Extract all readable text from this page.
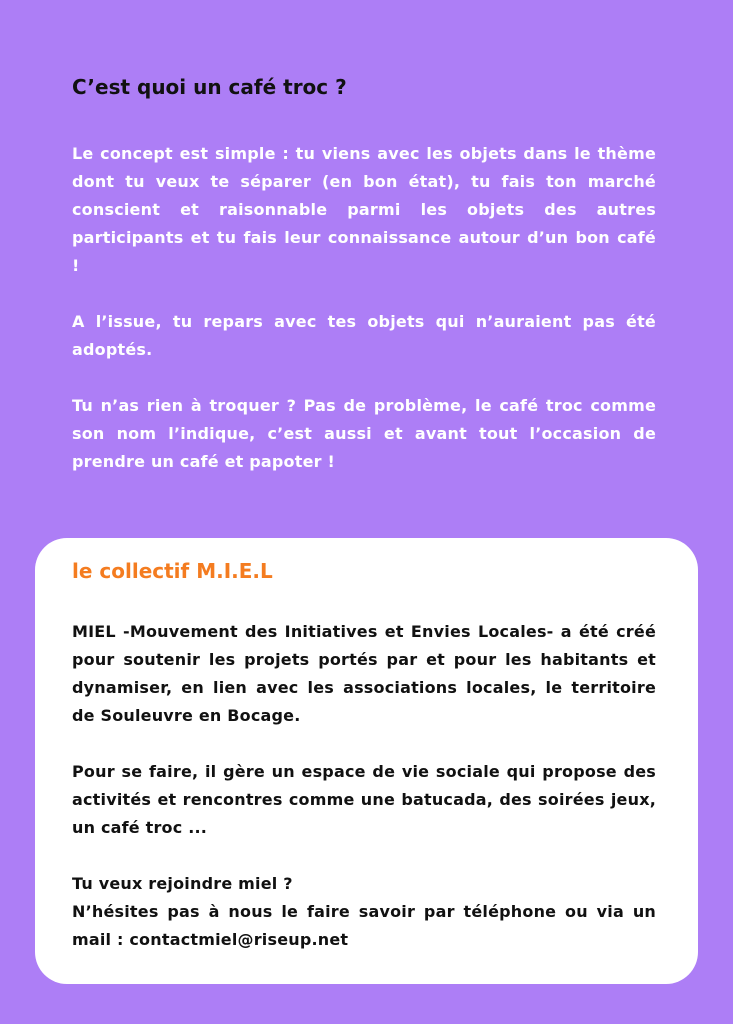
C’est quoi un café troc ?

Le concept est simple : tu viens avec les objets dans le thème dont tu veux te séparer (en bon état), tu fais ton marché conscient et raisonnable parmi les objets des autres participants et tu fais leur connaissance autour d’un bon café !

A l’issue, tu repars avec tes objets qui n’auraient pas été adoptés.

Tu n’as rien à troquer ? Pas de problème, le café troc comme son nom l’indique, c’est aussi et avant tout l’occasion de prendre un café et papoter !

le collectif M.I.E.L

MIEL -Mouvement des Initiatives et Envies Locales- a été créé pour soutenir les projets portés par et pour les habitants et dynamiser, en lien avec les associations locales, le territoire de Souleuvre en Bocage.

Pour se faire, il gère un espace de vie sociale qui propose des activités et rencontres comme une batucada, des soirées jeux, un café troc ...

Tu veux rejoindre miel ?
N’hésites pas à nous le faire savoir par téléphone ou via un mail : contactmiel@riseup.net
